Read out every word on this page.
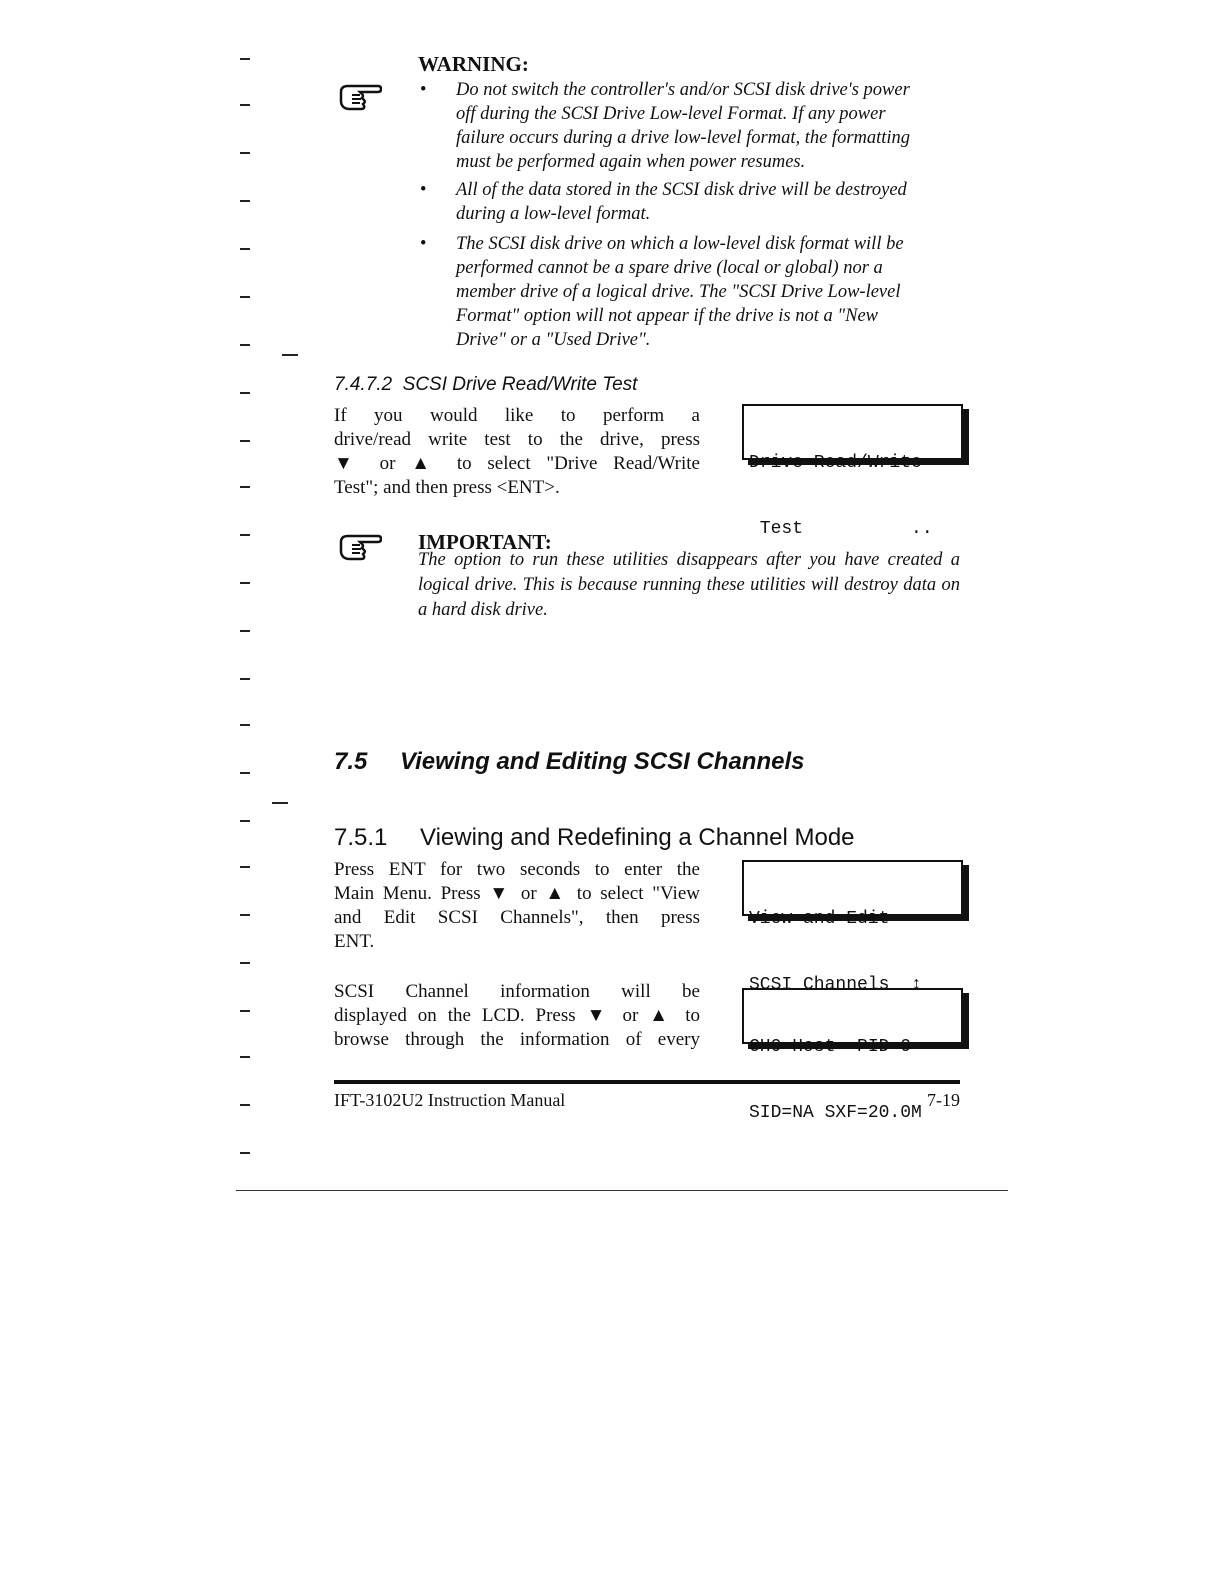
WARNING:
•	Do not switch the controller's and/or SCSI disk drive's power
off during the SCSI Drive Low-level Format. If any power
failure occurs during a drive low-level format, the formatting
must be performed again when power resumes.
•	All of the data stored in the SCSI disk drive will be destroyed
during a low-level format.
•	The SCSI disk drive on which a low-level disk format will be
performed cannot be a spare drive (local or global) nor a
member drive of a logical drive. The "SCSI Drive Low-level
Format" option will not appear if the drive is not a "New
Drive" or a "Used Drive".
7.4.7.2  SCSI Drive Read/Write Test
If you would like to perform a
drive/read write test to the drive, press
▼ or ▲ to select "Drive Read/Write
Test"; and then press <ENT>.

Drive Read/Write

Test          ..

IMPORTANT:
The option to run these utilities disappears after you have created a logical drive. This is because running these utilities will destroy data on a hard disk drive.
7.5 Viewing and Editing SCSI Channels
7.5.1 Viewing and Redefining a Channel Mode
Press ENT for two seconds to enter the
Main Menu. Press ▼ or ▲ to select "View
and Edit SCSI Channels", then press
ENT.

View and Edit

SCSI Channels  ↕

SCSI Channel information will be
displayed on the LCD. Press ▼ or ▲ to
browse through the information of every

	CH0=Host  PID=0

SID=NA SXF=20.0M

IFT-3102U2 Instruction Manual	7-19
